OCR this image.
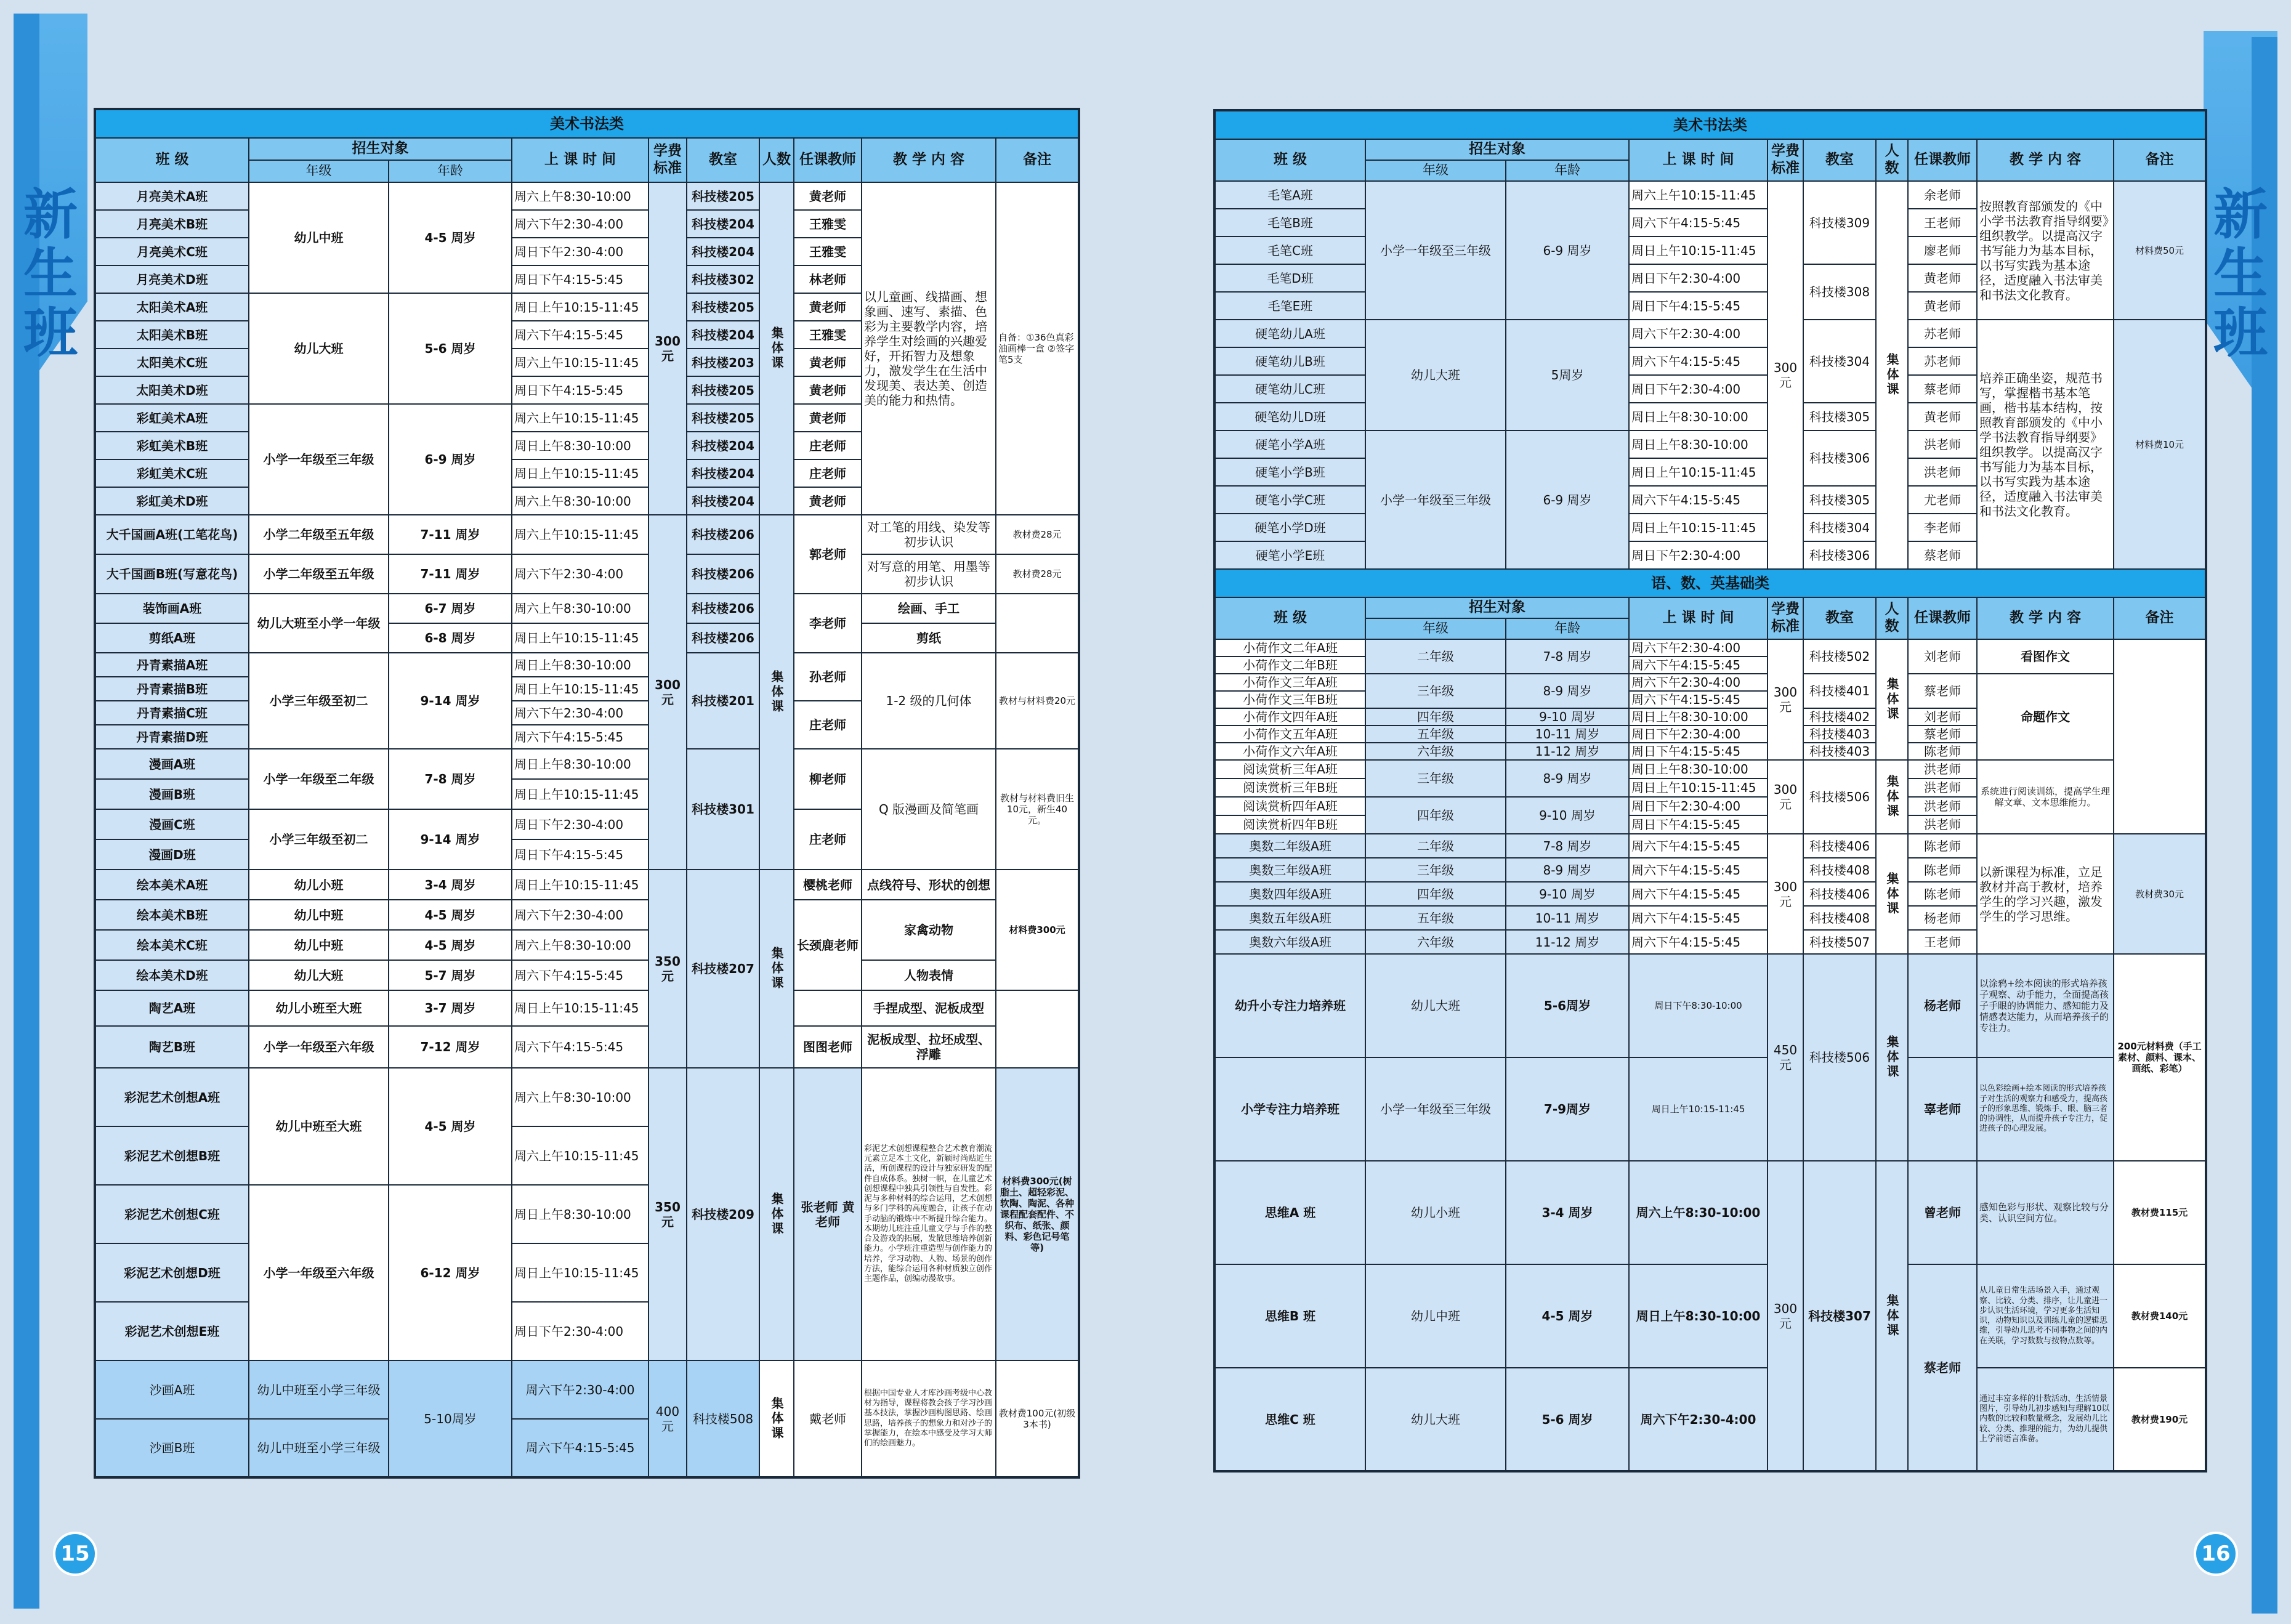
新生班
15
美术书法类									
班 级	招生对象		上 课 时 间	学费标准	教室	人数	任课教师	教 学 内 容	备注
	年级	年龄							
月亮美术A班	幼儿中班	4-5 周岁	周六上午8:30-10:00	300元	科技楼205	集体课	黄老师	以儿童画、线描画、想象画、速写、素描、色彩为主要教学内容，培养学生对绘画的兴趣爱好，开拓智力及想象力，激发学生在生活中发现美、表达美、创造美的能力和热情。	自备：①36色真彩油画棒一盒 ②签字笔5支
月亮美术B班			周六下午2:30-4:00		科技楼204		王雅雯		
月亮美术C班			周日下午2:30-4:00		科技楼204		王雅雯		
月亮美术D班			周日下午4:15-5:45		科技楼302		林老师		
太阳美术A班	幼儿大班	5-6 周岁	周日上午10:15-11:45		科技楼205		黄老师		
太阳美术B班			周六下午4:15-5:45		科技楼204		王雅雯		
太阳美术C班			周六上午10:15-11:45		科技楼203		黄老师		
太阳美术D班			周日下午4:15-5:45		科技楼205		黄老师		
彩虹美术A班	小学一年级至三年级	6-9 周岁	周六上午10:15-11:45		科技楼205		黄老师		
彩虹美术B班			周日上午8:30-10:00		科技楼204		庄老师		
彩虹美术C班			周日上午10:15-11:45		科技楼204		庄老师		
彩虹美术D班			周六上午8:30-10:00		科技楼204		黄老师		
大千国画A班(工笔花鸟)	小学二年级至五年级	7-11 周岁	周六上午10:15-11:45	300元	科技楼206	集体课	郭老师	对工笔的用线、染发等初步认识	教材费28元
大千国画B班(写意花鸟)	小学二年级至五年级	7-11 周岁	周六下午2:30-4:00		科技楼206			对写意的用笔、用墨等初步认识	教材费28元
装饰画A班	幼儿大班至小学一年级	6-7 周岁	周六上午8:30-10:00		科技楼206		李老师	绘画、手工	
剪纸A班		6-8 周岁	周日上午10:15-11:45		科技楼206			剪纸	
丹青素描A班	小学三年级至初二	9-14 周岁	周日上午8:30-10:00		科技楼201		孙老师	1-2 级的几何体	教材与材料费20元
丹青素描B班			周日上午10:15-11:45						
丹青素描C班			周六下午2:30-4:00				庄老师		
丹青素描D班			周六下午4:15-5:45						
漫画A班	小学一年级至二年级	7-8 周岁	周日上午8:30-10:00		科技楼301		柳老师	Q 版漫画及简笔画	教材与材料费旧生10元，新生40元。
漫画B班			周日上午10:15-11:45						
漫画C班	小学三年级至初二	9-14 周岁	周日下午2:30-4:00				庄老师		
漫画D班			周日下午4:15-5:45						
绘本美术A班	幼儿小班	3-4 周岁	周日上午10:15-11:45	350元	科技楼207	集体课	樱桃老师	点线符号、形状的创想	材料费300元
绘本美术B班	幼儿中班	4-5 周岁	周六下午2:30-4:00				长颈鹿老师	家禽动物	
绘本美术C班	幼儿中班	4-5 周岁	周六上午8:30-10:00						
绘本美术D班	幼儿大班	5-7 周岁	周六下午4:15-5:45					人物表情	
陶艺A班	幼儿小班至大班	3-7 周岁	周日上午10:15-11:45					手捏成型、泥板成型	
陶艺B班	小学一年级至六年级	7-12 周岁	周六下午4:15-5:45				图图老师	泥板成型、拉坯成型、浮雕	
彩泥艺术创想A班	幼儿中班至大班	4-5 周岁	周六上午8:30-10:00	350元	科技楼209	集体课	张老师 黄老师	彩泥艺术创想课程整合艺术教育潮流元素立足本土文化，新颖时尚贴近生活，所创课程的设计与独家研发的配件自成体系。独树一帜，在儿童艺术创想课程中独具引领性与自发性。彩泥与多种材料的综合运用，艺术创想与多门学科的高度融合，让孩子在动手动脑的锻炼中不断提升综合能力。本期幼儿班注重儿童文学与手作的整合及游戏的拓展，发散思维培养创新能力。小学班注重造型与创作能力的培养，学习动物、人物、场景的创作方法，能综合运用各种材质独立创作主题作品，创编动漫故事。	材料费300元(树脂土、超轻彩泥、软陶、陶泥、各种课程配套配件、不织布、纸张、颜料、彩色记号笔等)
彩泥艺术创想B班			周六上午10:15-11:45						
彩泥艺术创想C班	小学一年级至六年级	6-12 周岁	周日上午8:30-10:00						
彩泥艺术创想D班			周日上午10:15-11:45						
彩泥艺术创想E班			周日下午2:30-4:00						
沙画A班	幼儿中班至小学三年级	5-10周岁	周六下午2:30-4:00	400元	科技楼508	集体课	戴老师	根据中国专业人才库沙画考级中心教材为指导，课程将教会孩子学习沙画基本技法，掌握沙画构图思路、绘画思路，培养孩子的想象力和对沙子的掌握能力，在绘本中感受及学习大师们的绘画魅力。	教材费100元(初级3本书)
沙画B班	幼儿中班至小学三年级		周六下午4:15-5:45						
新生班
16
美术书法类									
班 级	招生对象		上 课 时 间	学费标准	教室	人数	任课教师	教 学 内 容	备注
	年级	年龄							
毛笔A班	小学一年级至三年级	6-9 周岁	周六上午10:15-11:45	300元	科技楼309	集体课	余老师	按照教育部颁发的《中小学书法教育指导纲要》组织教学。以提高汉字书写能力为基本目标，以书写实践为基本途径，适度融入书法审美和书法文化教育。	材料费50元
毛笔B班			周六下午4:15-5:45				王老师		
毛笔C班			周日上午10:15-11:45				廖老师		
毛笔D班			周日下午2:30-4:00		科技楼308		黄老师		
毛笔E班			周日下午4:15-5:45				黄老师		
硬笔幼儿A班	幼儿大班	5周岁	周六下午2:30-4:00		科技楼304		苏老师	培养正确坐姿，规范书写，掌握楷书基本笔画，楷书基本结构，按照教育部颁发的《中小学书法教育指导纲要》组织教学。以提高汉字书写能力为基本目标，以书写实践为基本途径，适度融入书法审美和书法文化教育。	材料费10元
硬笔幼儿B班			周六下午4:15-5:45				苏老师		
硬笔幼儿C班			周日下午2:30-4:00				蔡老师		
硬笔幼儿D班			周日上午8:30-10:00		科技楼305		黄老师		
硬笔小学A班	小学一年级至三年级	6-9 周岁	周日上午8:30-10:00		科技楼306		洪老师		
硬笔小学B班			周日上午10:15-11:45				洪老师		
硬笔小学C班			周六下午4:15-5:45		科技楼305		尤老师		
硬笔小学D班			周日上午10:15-11:45		科技楼304		李老师		
硬笔小学E班			周日下午2:30-4:00		科技楼306		蔡老师		
语、数、英基础类									
班 级	招生对象		上 课 时 间	学费标准	教室	人数	任课教师	教 学 内 容	备注
	年级	年龄							
小荷作文二年A班	二年级	7-8 周岁	周六下午2:30-4:00	300元	科技楼502	集体课	刘老师	看图作文	
小荷作文二年B班			周六下午4:15-5:45						
小荷作文三年A班	三年级	8-9 周岁	周六下午2:30-4:00		科技楼401		蔡老师	命题作文	
小荷作文三年B班			周六下午4:15-5:45						
小荷作文四年A班	四年级	9-10 周岁	周日上午8:30-10:00		科技楼402		刘老师		
小荷作文五年A班	五年级	10-11 周岁	周日下午2:30-4:00		科技楼403		蔡老师		
小荷作文六年A班	六年级	11-12 周岁	周日下午4:15-5:45		科技楼403		陈老师		
阅读赏析三年A班	三年级	8-9 周岁	周日上午8:30-10:00	300元	科技楼506	集体课	洪老师	系统进行阅读训练，提高学生理解文章、文本思维能力。	
阅读赏析三年B班			周日上午10:15-11:45				洪老师		
阅读赏析四年A班	四年级	9-10 周岁	周日下午2:30-4:00				洪老师		
阅读赏析四年B班			周日下午4:15-5:45				洪老师		
奥数二年级A班	二年级	7-8 周岁	周六下午4:15-5:45	300元	科技楼406	集体课	陈老师	以新课程为标准，立足教材并高于教材，培养学生的学习兴趣，激发学生的学习思维。	教材费30元
奥数三年级A班	三年级	8-9 周岁	周六下午4:15-5:45		科技楼408		陈老师		
奥数四年级A班	四年级	9-10 周岁	周六下午4:15-5:45		科技楼406		陈老师		
奥数五年级A班	五年级	10-11 周岁	周六下午4:15-5:45		科技楼408		杨老师		
奥数六年级A班	六年级	11-12 周岁	周六下午4:15-5:45		科技楼507		王老师		
幼升小专注力培养班	幼儿大班	5-6周岁	周日下午8:30-10:00	450元	科技楼506	集体课	杨老师	以涂鸦+绘本阅读的形式培养孩子观察、动手能力，全面提高孩子手眼的协调能力、感知能力及情感表达能力，从而培养孩子的专注力。	200元材料费（手工素材、颜料、课本、画纸、彩笔）
小学专注力培养班	小学一年级至三年级	7-9周岁	周日上午10:15-11:45				辜老师	以色彩绘画+绘本阅读的形式培养孩子对生活的观察力和感受力，提高孩子的形象思维、锻炼手、眼、脑三者的协调性，从而提升孩子专注力，促进孩子的心理发展。	
思维A 班	幼儿小班	3-4 周岁	周六上午8:30-10:00	300元	科技楼307	集体课	曾老师	感知色彩与形状、观察比较与分类、认识空间方位。	教材费115元
思维B 班	幼儿中班	4-5 周岁	周日上午8:30-10:00				蔡老师	从儿童日常生活场景入手，通过观察、比较、分类、排序，让儿童进一步认识生活环境，学习更多生活知识，动物知识以及训练儿童的逻辑思维，引导幼儿思考不同事物之间的内在关联，学习数数与按物点数等。	教材费140元
思维C 班	幼儿大班	5-6 周岁	周六下午2:30-4:00					通过丰富多样的计数活动、生活情景图片，引导幼儿初步感知与理解10以内数的比较和数量概念，发展幼儿比较、分类、推理的能力，为幼儿提供上学前语言准备。	教材费190元
